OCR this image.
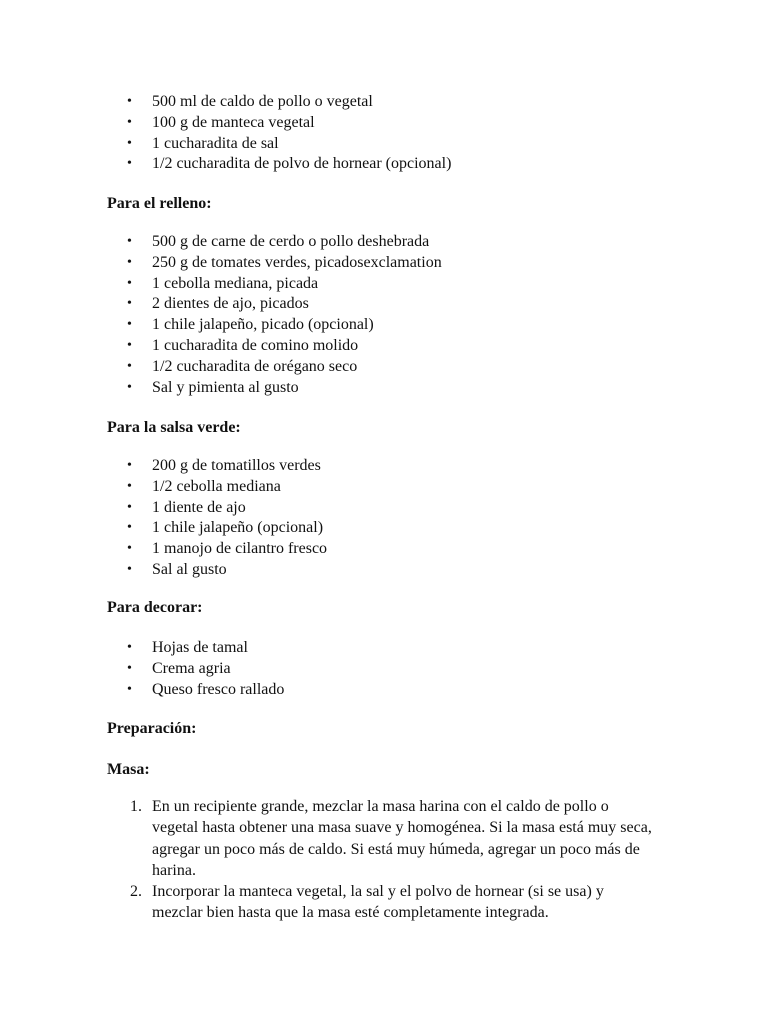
• 500 ml de caldo de pollo o vegetal
• 100 g de manteca vegetal
• 1 cucharadita de sal
• 1/2 cucharadita de polvo de hornear (opcional)
Para el relleno:
• 500 g de carne de cerdo o pollo deshebrada
• 250 g de tomates verdes, picadosexclamation
• 1 cebolla mediana, picada
• 2 dientes de ajo, picados
• 1 chile jalapeño, picado (opcional)
• 1 cucharadita de comino molido
• 1/2 cucharadita de orégano seco
• Sal y pimienta al gusto
Para la salsa verde:
• 200 g de tomatillos verdes
• 1/2 cebolla mediana
• 1 diente de ajo
• 1 chile jalapeño (opcional)
• 1 manojo de cilantro fresco
• Sal al gusto
Para decorar:
• Hojas de tamal
• Crema agria
• Queso fresco rallado
Preparación:
Masa:
1. En un recipiente grande, mezclar la masa harina con el caldo de pollo o vegetal hasta obtener una masa suave y homogénea. Si la masa está muy seca, agregar un poco más de caldo. Si está muy húmeda, agregar un poco más de harina.
2. Incorporar la manteca vegetal, la sal y el polvo de hornear (si se usa) y mezclar bien hasta que la masa esté completamente integrada.
